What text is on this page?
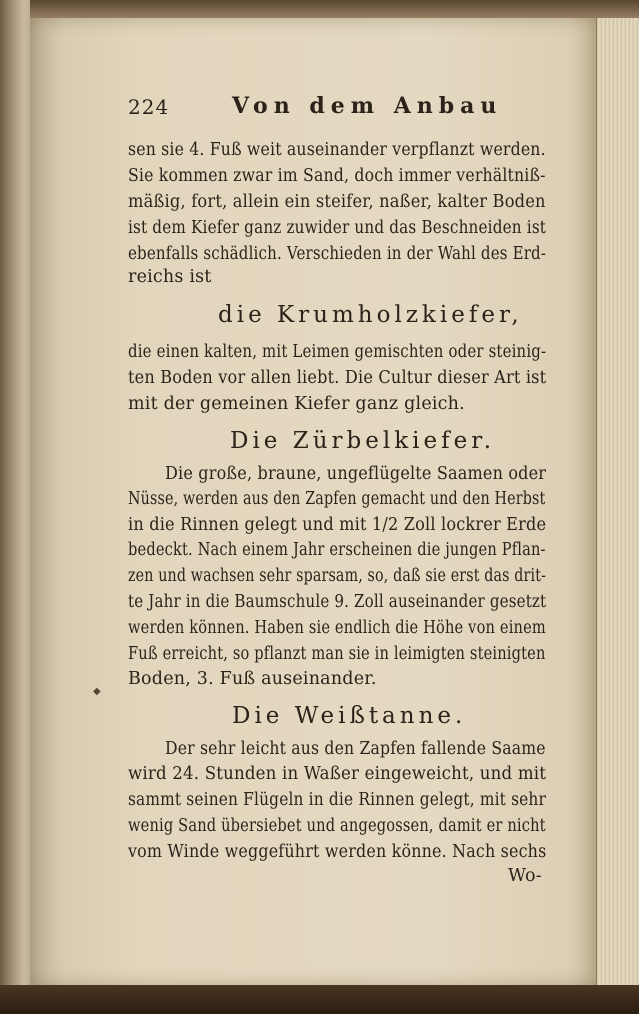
224	Von dem Anbau
sen sie 4. Fuß weit auseinander verpflanzt werden.
Sie kommen zwar im Sand, doch immer verhältniß-
mäßig, fort, allein ein steifer, naßer, kalter Boden
ist dem Kiefer ganz zuwider und das Beschneiden ist
ebenfalls schädlich. Verschieden in der Wahl des Erd-
reichs ist
die Krumholzkiefer,
die einen kalten, mit Leimen gemischten oder steinig-
ten Boden vor allen liebt. Die Cultur dieser Art ist
mit der gemeinen Kiefer ganz gleich.
Die Zürbelkiefer.
Die große, braune, ungeflügelte Saamen oder
Nüsse, werden aus den Zapfen gemacht und den Herbst
in die Rinnen gelegt und mit 1/2 Zoll lockrer Erde
bedeckt. Nach einem Jahr erscheinen die jungen Pflan-
zen und wachsen sehr sparsam, so, daß sie erst das drit-
te Jahr in die Baumschule 9. Zoll auseinander gesetzt
werden können. Haben sie endlich die Höhe von einem
Fuß erreicht, so pflanzt man sie in leimigten steinigten
Boden, 3. Fuß auseinander.
◆
Die Weißtanne.
Der sehr leicht aus den Zapfen fallende Saame
wird 24. Stunden in Waßer eingeweicht, und mit
sammt seinen Flügeln in die Rinnen gelegt, mit sehr
wenig Sand übersiebet und angegossen, damit er nicht
vom Winde weggeführt werden könne. Nach sechs
Wo-
